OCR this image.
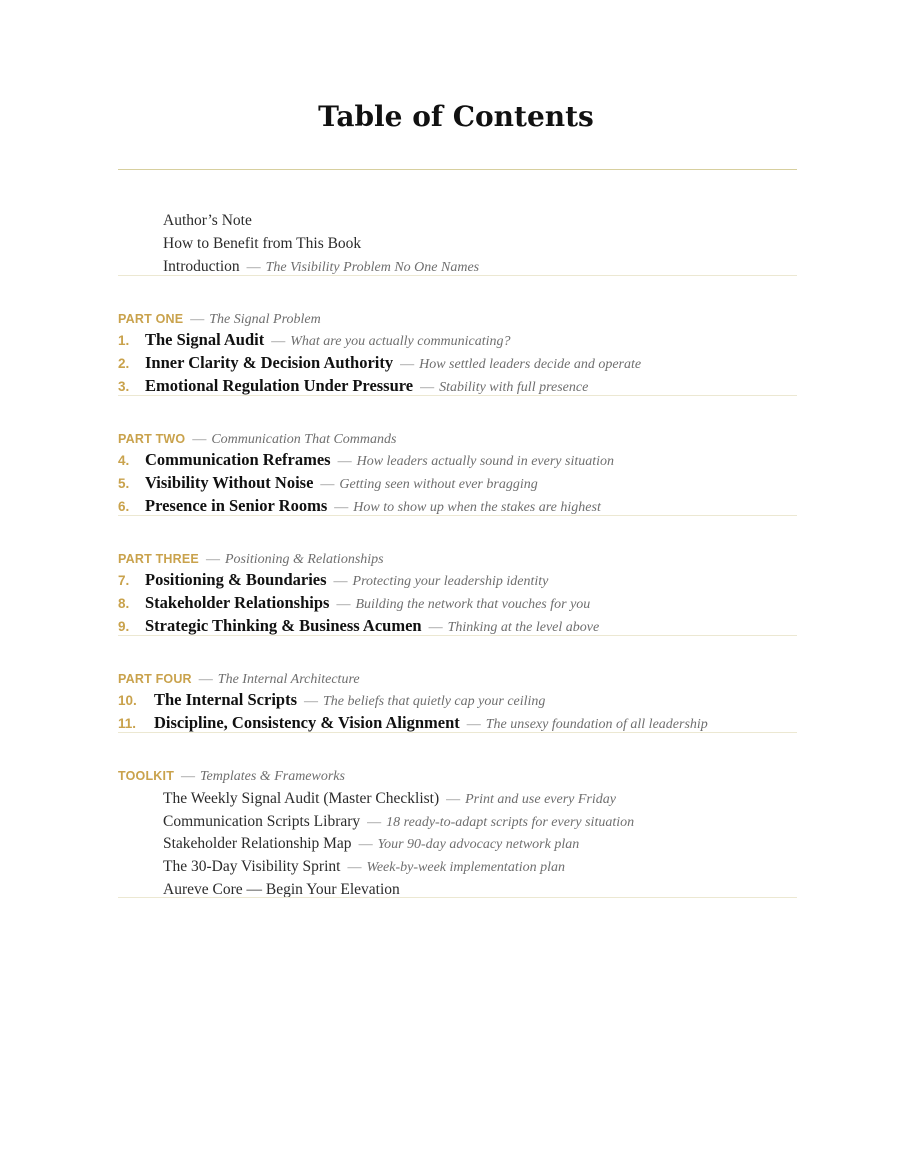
Table of Contents
Author’s Note
How to Benefit from This Book
Introduction — The Visibility Problem No One Names
PART ONE — The Signal Problem
1. The Signal Audit — What are you actually communicating?
2. Inner Clarity & Decision Authority — How settled leaders decide and operate
3. Emotional Regulation Under Pressure — Stability with full presence
PART TWO — Communication That Commands
4. Communication Reframes — How leaders actually sound in every situation
5. Visibility Without Noise — Getting seen without ever bragging
6. Presence in Senior Rooms — How to show up when the stakes are highest
PART THREE — Positioning & Relationships
7. Positioning & Boundaries — Protecting your leadership identity
8. Stakeholder Relationships — Building the network that vouches for you
9. Strategic Thinking & Business Acumen — Thinking at the level above
PART FOUR — The Internal Architecture
10. The Internal Scripts — The beliefs that quietly cap your ceiling
11. Discipline, Consistency & Vision Alignment — The unsexy foundation of all leadership
TOOLKIT — Templates & Frameworks
The Weekly Signal Audit (Master Checklist) — Print and use every Friday
Communication Scripts Library — 18 ready-to-adapt scripts for every situation
Stakeholder Relationship Map — Your 90-day advocacy network plan
The 30-Day Visibility Sprint — Week-by-week implementation plan
Aureve Core — Begin Your Elevation
